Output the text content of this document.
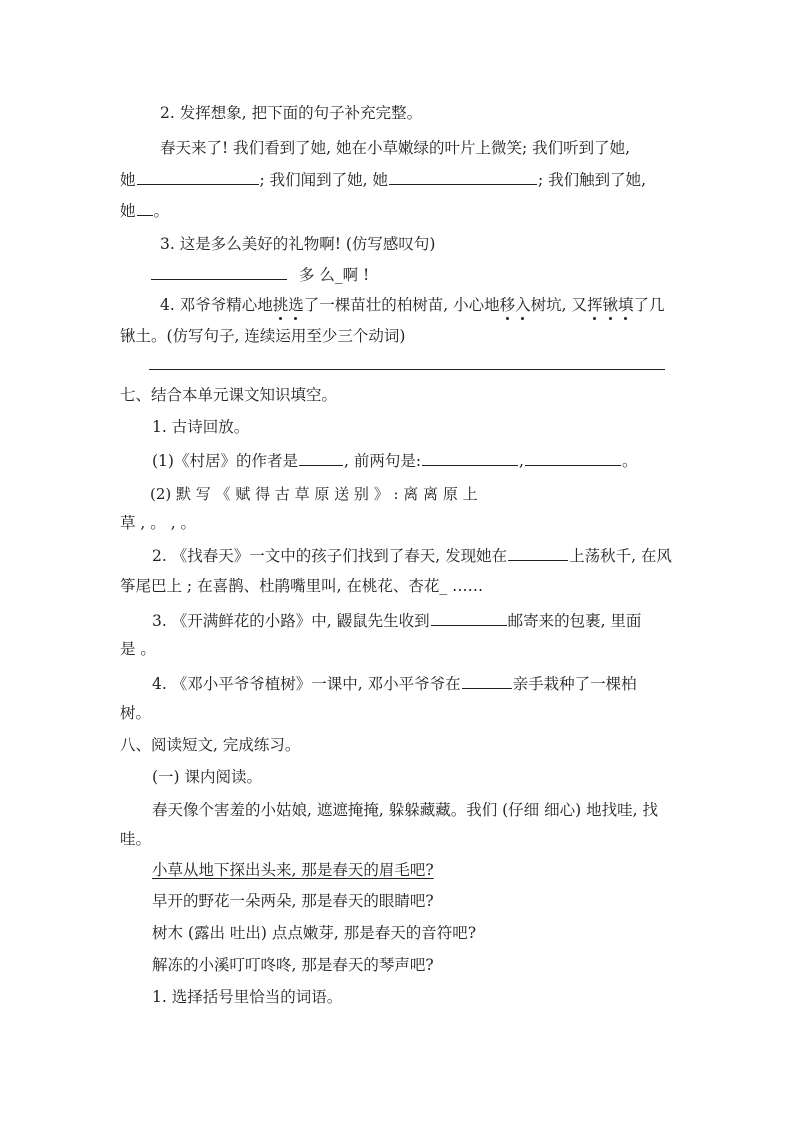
2. 发挥想象, 把下面的句子补充完整。
春天来了! 我们看到了她, 她在小草嫩绿的叶片上微笑; 我们听到了她,
她	; 我们闻到了她, 她	; 我们触到了她,
她 。
3. 这是多么美好的礼物啊! (仿写感叹句)
多 么_啊 !
4. 邓爷爷精心地挑选了一棵苗壮的柏树苗, 小心地移入树坑, 又挥锹填了几
锹土。(仿写句子, 连续运用至少三个动词)
七、结合本单元课文知识填空。
1. 古诗回放。
(1)《村居》的作者是	, 前两句是:	,	。
(2) 默 写 《 赋 得 古 草 原 送 别 》 : 离 离 原 上
草 , 。 , 。
2. 《找春天》一文中的孩子们找到了春天, 发现她在	上荡秋千, 在风
筝尾巴上 ; 在喜鹊、杜鹃嘴里叫, 在桃花、杏花_ ……
3. 《开满鲜花的小路》中, 鼹鼠先生收到	邮寄来的包裹, 里面
是 。
4. 《邓小平爷爷植树》一课中, 邓小平爷爷在	亲手栽种了一棵柏
树。
八、阅读短文, 完成练习。
(一) 课内阅读。
春天像个害羞的小姑娘, 遮遮掩掩, 躲躲藏藏。我们 (仔细 细心) 地找哇, 找
哇。
小草从地下探出头来, 那是春天的眉毛吧?
早开的野花一朵两朵, 那是春天的眼睛吧?
树木 (露出 吐出) 点点嫩芽, 那是春天的音符吧?
解冻的小溪叮叮咚咚, 那是春天的琴声吧?
1. 选择括号里恰当的词语。
